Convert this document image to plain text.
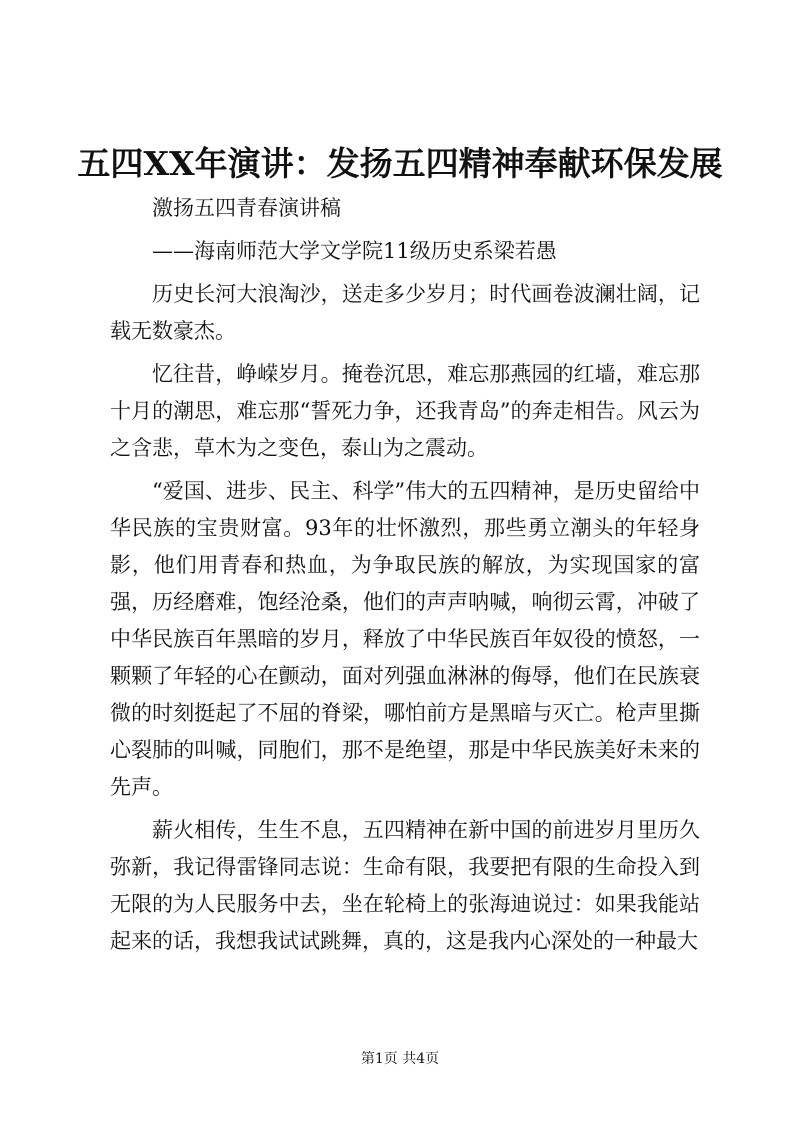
五四XX年演讲：发扬五四精神奉献环保发展

激扬五四青春演讲稿

——海南师范大学文学院11级历史系梁若愚

历史长河大浪淘沙，送走多少岁月；时代画卷波澜壮阔，记载无数豪杰。

忆往昔，峥嵘岁月。掩卷沉思，难忘那燕园的红墙，难忘那十月的潮思，难忘那“誓死力争，还我青岛”的奔走相告。风云为之含悲，草木为之变色，泰山为之震动。

“爱国、进步、民主、科学”伟大的五四精神，是历史留给中华民族的宝贵财富。93年的壮怀激烈，那些勇立潮头的年轻身影，他们用青春和热血，为争取民族的解放，为实现国家的富强，历经磨难，饱经沧桑，他们的声声呐喊，响彻云霄，冲破了中华民族百年黑暗的岁月，释放了中华民族百年奴役的愤怒，一颗颗了年轻的心在颤动，面对列强血淋淋的侮辱，他们在民族衰微的时刻挺起了不屈的脊梁，哪怕前方是黑暗与灭亡。枪声里撕心裂肺的叫喊，同胞们，那不是绝望，那是中华民族美好未来的先声。

薪火相传，生生不息，五四精神在新中国的前进岁月里历久弥新，我记得雷锋同志说：生命有限，我要把有限的生命投入到无限的为人民服务中去，坐在轮椅上的张海迪说过：如果我能站起来的话，我想我试试跳舞，真的，这是我内心深处的一种最大

第1页 共4页
